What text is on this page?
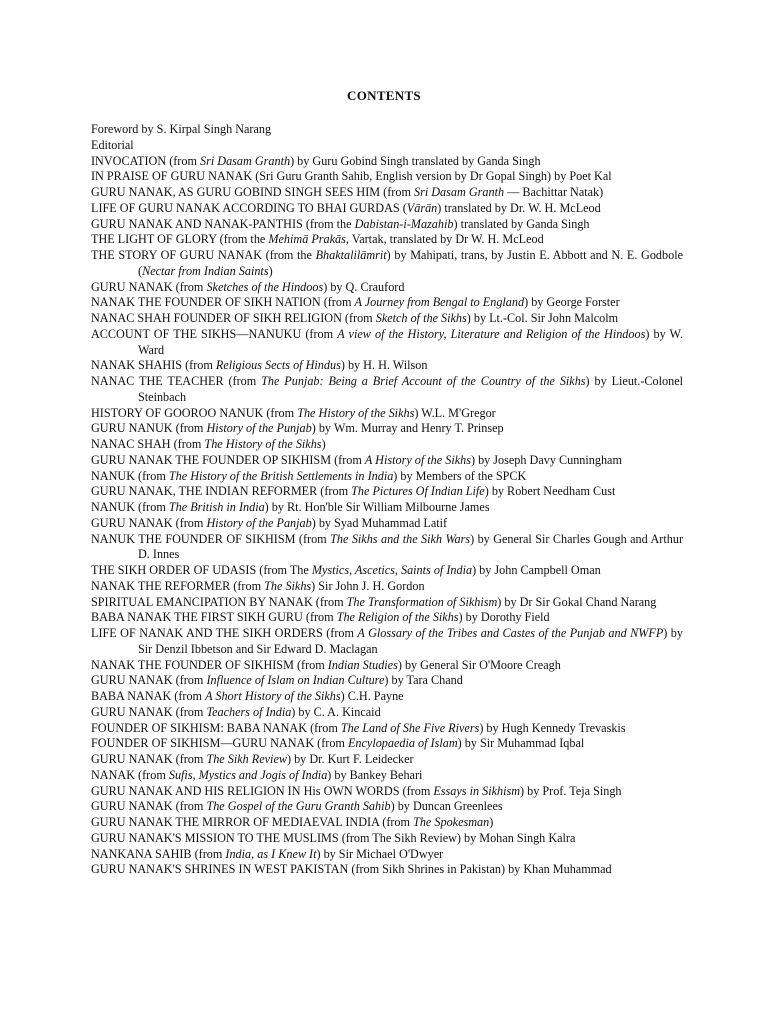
CONTENTS
Foreword by S. Kirpal Singh Narang
Editorial
INVOCATION (from Sri Dasam Granth) by Guru Gobind Singh translated by Ganda Singh
IN PRAISE OF GURU NANAK (Sri Guru Granth Sahib, English version by Dr Gopal Singh) by Poet Kal
GURU NANAK, AS GURU GOBIND SINGH SEES HIM (from Sri Dasam Granth — Bachittar Natak)
LIFE OF GURU NANAK ACCORDING TO BHAI GURDAS (Vārān) translated by Dr. W. H. McLeod
GURU NANAK AND NANAK-PANTHIS (from the Dabistan-i-Mazahib) translated by Ganda Singh
THE LIGHT OF GLORY (from the Mehimā Prakās, Vartak, translated by Dr W. H. McLeod
THE STORY OF GURU NANAK (from the Bhaktalilāmrit) by Mahipati, trans, by Justin E. Abbott and N. E. Godbole (Nectar from Indian Saints)
GURU NANAK (from Sketches of the Hindoos) by Q. Crauford
NANAK THE FOUNDER OF SIKH NATION (from A Journey from Bengal to England) by George Forster
NANAC SHAH FOUNDER OF SIKH RELIGION (from Sketch of the Sikhs) by Lt.-Col. Sir John Malcolm
ACCOUNT OF THE SIKHS—NANUKU (from A view of the History, Literature and Religion of the Hindoos) by W. Ward
NANAK SHAHIS (from Religious Sects of Hindus) by H. H. Wilson
NANAC THE TEACHER (from The Punjab: Being a Brief Account of the Country of the Sikhs) by Lieut.-Colonel Steinbach
HISTORY OF GOOROO NANUK (from The History of the Sikhs) W.L. M'Gregor
GURU NANUK (from History of the Punjab) by Wm. Murray and Henry T. Prinsep
NANAC SHAH (from The History of the Sikhs)
GURU NANAK THE FOUNDER OP SIKHISM (from A History of the Sikhs) by Joseph Davy Cunningham
NANUK (from The History of the British Settlements in India) by Members of the SPCK
GURU NANAK, THE INDIAN REFORMER (from The Pictures Of Indian Life) by Robert Needham Cust
NANUK (from The British in India) by Rt. Hon'ble Sir William Milbourne James
GURU NANAK (from History of the Panjab) by Syad Muhammad Latif
NANUK THE FOUNDER OF SIKHISM (from The Sikhs and the Sikh Wars) by General Sir Charles Gough and Arthur D. Innes
THE SIKH ORDER OF UDASIS (from The Mystics, Ascetics, Saints of India) by John Campbell Oman
NANAK THE REFORMER (from The Sikhs) Sir John J. H. Gordon
SPIRITUAL EMANCIPATION BY NANAK (from The Transformation of Sikhism) by Dr Sir Gokal Chand Narang
BABA NANAK THE FIRST SIKH GURU (from The Religion of the Sikhs) by Dorothy Field
LIFE OF NANAK AND THE SIKH ORDERS (from A Glossary of the Tribes and Castes of the Punjab and NWFP) by Sir Denzil Ibbetson and Sir Edward D. Maclagan
NANAK THE FOUNDER OF SIKHISM (from Indian Studies) by General Sir O'Moore Creagh
GURU NANAK (from Influence of Islam on Indian Culture) by Tara Chand
BABA NANAK (from A Short History of the Sikhs) C.H. Payne
GURU NANAK (from Teachers of India) by C. A. Kincaid
FOUNDER OF SIKHISM: BABA NANAK (from The Land of She Five Rivers) by Hugh Kennedy Trevaskis
FOUNDER OF SIKHISM—GURU NANAK (from Encylopaedia of Islam) by Sir Muhammad Iqbal
GURU NANAK (from The Sikh Review) by Dr. Kurt F. Leidecker
NANAK (from Sufis, Mystics and Jogis of India) by Bankey Behari
GURU NANAK AND HIS RELIGION IN His OWN WORDS (from Essays in Sikhism) by Prof. Teja Singh
GURU NANAK (from The Gospel of the Guru Granth Sahib) by Duncan Greenlees
GURU NANAK THE MIRROR OF MEDIAEVAL INDIA (from The Spokesman)
GURU NANAK'S MISSION TO THE MUSLIMS (from The Sikh Review) by Mohan Singh Kalra
NANKANA SAHIB (from India, as I Knew It) by Sir Michael O'Dwyer
GURU NANAK'S SHRINES IN WEST PAKISTAN (from Sikh Shrines in Pakistan) by Khan Muhammad
